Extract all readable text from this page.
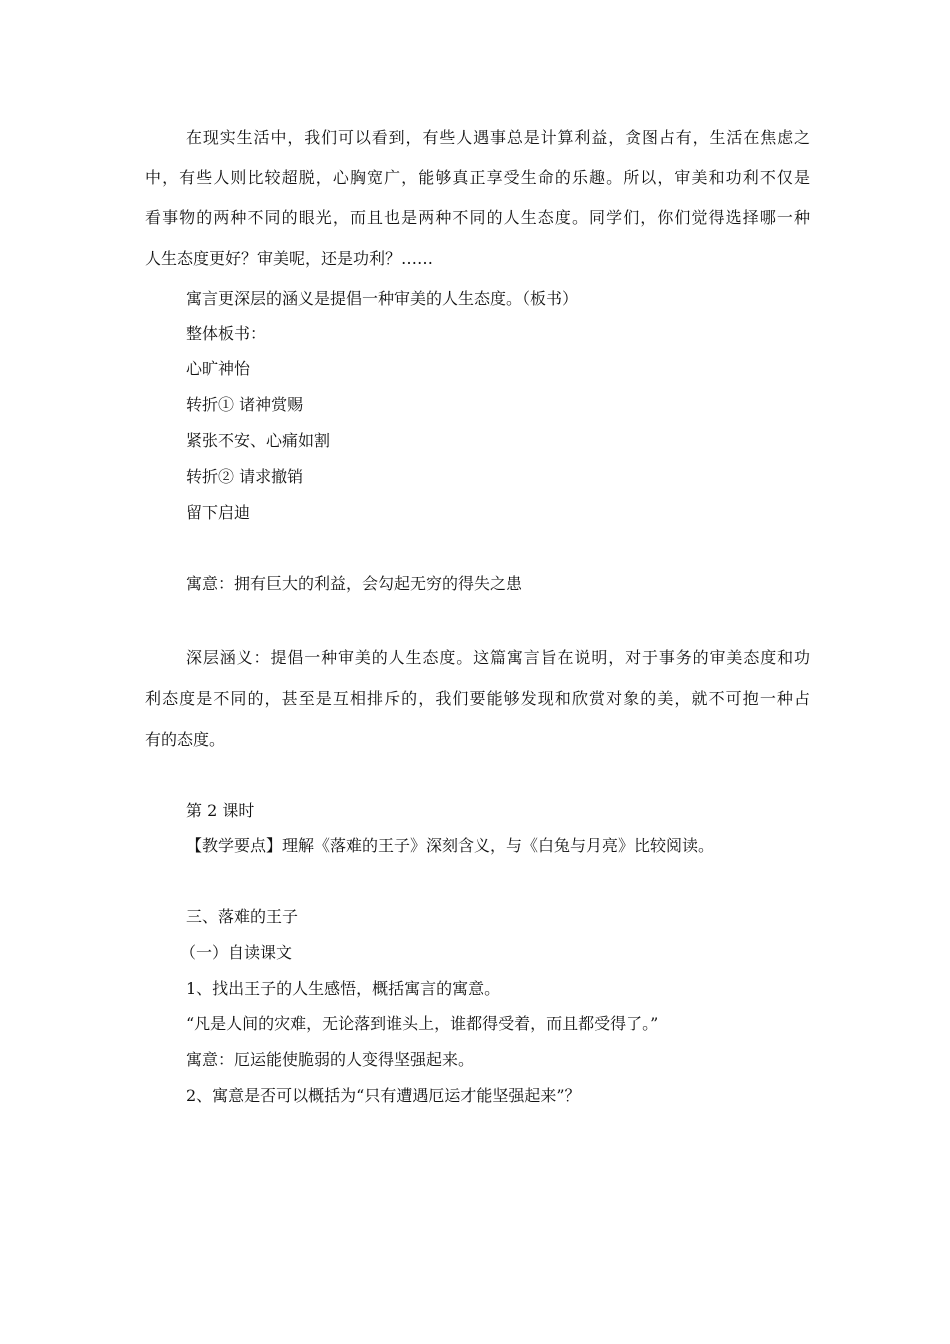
在现实生活中，我们可以看到，有些人遇事总是计算利益，贪图占有，生活在焦虑之
中，有些人则比较超脱，心胸宽广，能够真正享受生命的乐趣。所以，审美和功利不仅是
看事物的两种不同的眼光，而且也是两种不同的人生态度。同学们，你们觉得选择哪一种
人生态度更好？审美呢，还是功利？……
寓言更深层的涵义是提倡一种审美的人生态度。（板书）
整体板书：
心旷神怡
转折① 诸神赏赐
紧张不安、心痛如割
转折② 请求撤销
留下启迪
寓意：拥有巨大的利益，会勾起无穷的得失之患
深层涵义：提倡一种审美的人生态度。这篇寓言旨在说明，对于事务的审美态度和功
利态度是不同的，甚至是互相排斥的，我们要能够发现和欣赏对象的美，就不可抱一种占
有的态度。
第 2 课时
【教学要点】理解《落难的王子》深刻含义，与《白兔与月亮》比较阅读。
三、落难的王子
（一）自读课文
1、找出王子的人生感悟，概括寓言的寓意。
“凡是人间的灾难，无论落到谁头上，谁都得受着，而且都受得了。”
寓意：厄运能使脆弱的人变得坚强起来。
2、寓意是否可以概括为“只有遭遇厄运才能坚强起来”？
